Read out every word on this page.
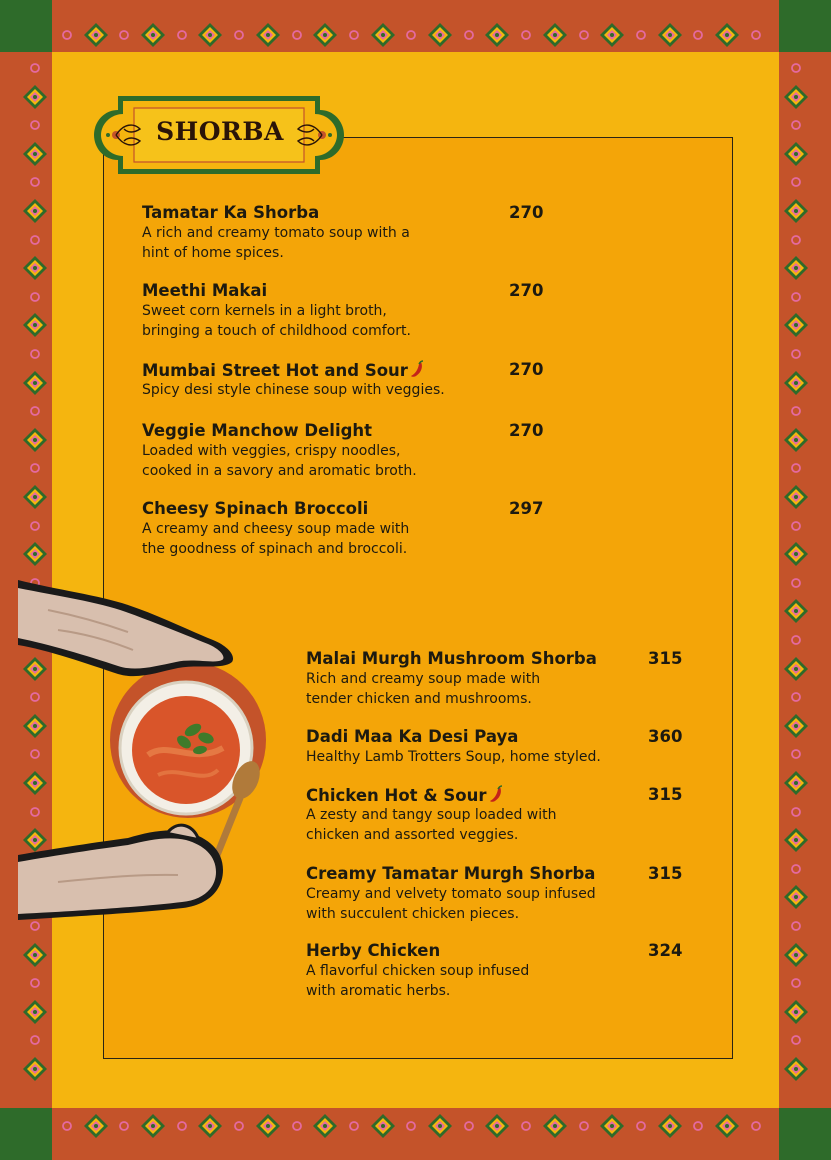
SHORBA
Tamatar Ka Shorba	270
A rich and creamy tomato soup with a
hint of home spices.
Meethi Makai	270
Sweet corn kernels in a light broth,
bringing a touch of childhood comfort.
Mumbai Street Hot and Sour	270
Spicy desi style chinese soup with veggies.
Veggie Manchow Delight	270
Loaded with veggies, crispy noodles,
cooked in a savory and aromatic broth.
Cheesy Spinach Broccoli	297
A creamy and cheesy soup made with
the goodness of spinach and broccoli.
Malai Murgh Mushroom Shorba	315
Rich and creamy soup made with
tender chicken and mushrooms.
Dadi Maa Ka Desi Paya	360
Healthy Lamb Trotters Soup, home styled.
Chicken Hot & Sour	315
A zesty and tangy soup loaded with
chicken and assorted veggies.
Creamy Tamatar Murgh Shorba	315
Creamy and velvety tomato soup infused
with succulent chicken pieces.
Herby Chicken	324
A flavorful chicken soup infused
with aromatic herbs.
